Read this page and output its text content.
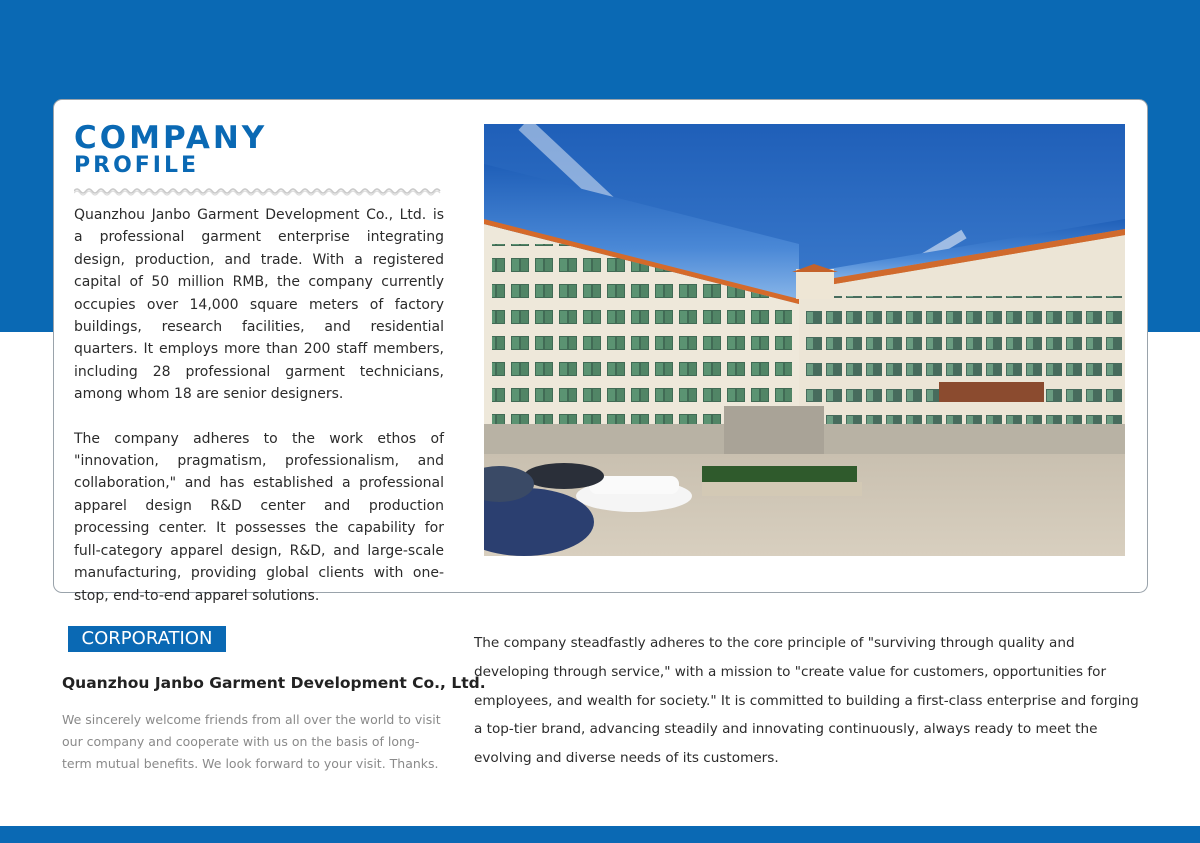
COMPANY
PROFILE

Quanzhou Janbo Garment Development Co., Ltd. is a professional garment enterprise integrating design, production, and trade. With a registered capital of 50 million RMB, the company currently occupies over 14,000 square meters of factory buildings, research facilities, and residential quarters. It employs more than 200 staff members, including 28 professional garment technicians, among whom 18 are senior designers.

The company adheres to the work ethos of "innovation, pragmatism, professionalism, and collaboration," and has established a professional apparel design R&D center and production processing center. It possesses the capability for full-category apparel design, R&D, and large-scale manufacturing, providing global clients with one-stop, end-to-end apparel solutions.

CORPORATION
Quanzhou Janbo Garment Development Co., Ltd.
We sincerely welcome friends from all over the world to visit our company and cooperate with us on the basis of long-term mutual benefits. We look forward to your visit. Thanks.
The company steadfastly adheres to the core principle of "surviving through quality and developing through service," with a mission to "create value for customers, opportunities for employees, and wealth for society." It is committed to building a first-class enterprise and forging a top-tier brand, advancing steadily and innovating continuously, always ready to meet the evolving and diverse needs of its customers.
